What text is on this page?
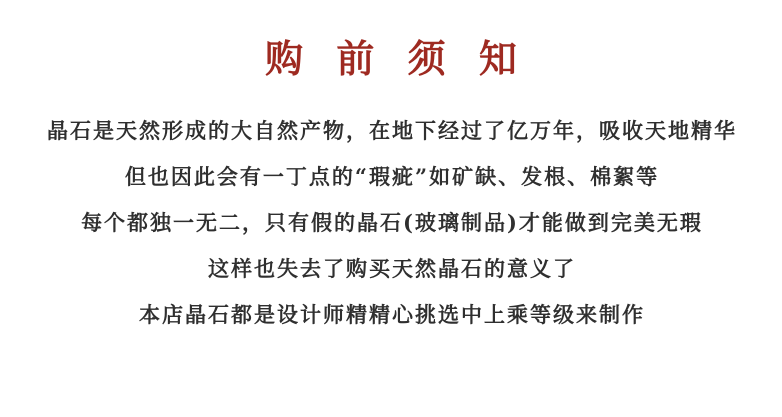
购 前 须 知
晶石是天然形成的大自然产物，在地下经过了亿万年，吸收天地精华
但也因此会有一丁点的“瑕疵”如矿缺、发根、棉絮等
每个都独一无二，只有假的晶石(玻璃制品)才能做到完美无瑕
这样也失去了购买天然晶石的意义了
本店晶石都是设计师精精心挑选中上乘等级来制作
